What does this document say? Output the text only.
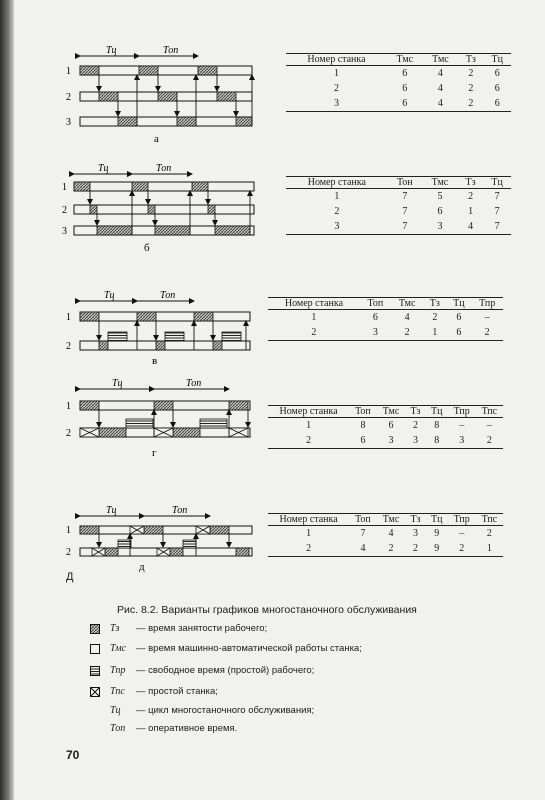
Тц	Топ
1
2
3
а
Номер станка	Тмс	Тмс	Тз	Тц
1	6	4	2	6
2	6	4	2	6
3	6	4	2	6
Тц	Топ
1
2
3
б
Номер станка	Тон	Тмс	Тз	Тц
1	7	5	2	7
2	7	6	1	7
3	7	3	4	7
Тц	Топ
1
2
в
Номер станка	Топ	Тмс	Тз	Тц	Тпр
1	6	4	2	6	–
2	3	2	1	6	2
Тц	Топ
1
2
г
Номер станка	Топ	Тмс	Тз	Тц	Тпр	Тпс
1	8	6	2	8	–	–
2	6	3	3	8	3	2
Тц	Топ
1
2
д
Д
Номер станка	Топ	Тмс	Тз	Тц	Тпр	Тпс
1	7	4	3	9	–	2
2	4	2	2	9	2	1
Рис. 8.2. Варианты графиков многостаночного обслуживания
Тз	— время занятости рабочего;
Тмс	— время машинно-автоматической работы станка;
Тпр	— свободное время (простой) рабочего;
Тпс	— простой станка;
Тц	— цикл многостаночного обслуживания;
Топ	— оперативное время.
70
